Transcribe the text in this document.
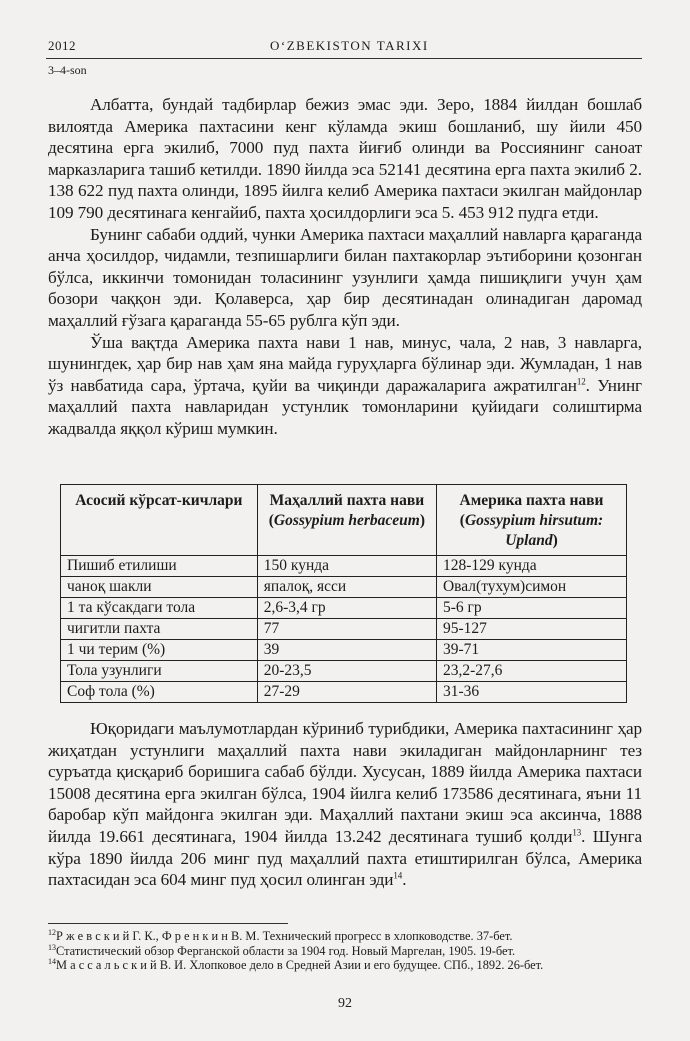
2012	O‘ZBEKISTON TARIXI
3–4-son

Албатта, бундай тадбирлар бежиз эмас эди. Зеро, 1884 йилдан бошлаб вилоятда Америка пахтасини кенг кўламда экиш бошланиб, шу йили 450 десятина ерга экилиб, 7000 пуд пахта йиғиб олинди ва Россиянинг саноат марказларига ташиб кетилди. 1890 йилда эса 52141 десятина ерга пахта экилиб 2. 138 622 пуд пахта олинди, 1895 йилга келиб Америка пахтаси экилган майдонлар 109 790 десятинага кенгайиб, пахта ҳосилдорлиги эса 5. 453 912 пудга етди.

Бунинг сабаби оддий, чунки Америка пахтаси маҳаллий навларга қараганда анча ҳосилдор, чидамли, тезпишарлиги билан пахтакорлар эътиборини қозонган бўлса, иккинчи томонидан толасининг узунлиги ҳамда пишиқлиги учун ҳам бозори чаққон эди. Қолаверса, ҳар бир десятинадан олинадиган даромад маҳаллий ғўзага қараганда 55-65 рублга кўп эди.

Ўша вақтда Америка пахта нави 1 нав, минус, чала, 2 нав, 3 навларга, шунингдек, ҳар бир нав ҳам яна майда гуруҳларга бўлинар эди. Жумладан, 1 нав ўз навбатида сара, ўртача, қуйи ва чиқинди даражаларига ажратилган$^{12}$. Унинг маҳаллий пахта навларидан устунлик томонларини қуйидаги солиштирма жадвалда яққол кўриш мумкин.

Асосий кўрсат-кичлари	Маҳаллий пахта нави (Gossypium herbaceum)	Америка пахта нави (Gossypium hirsutum: Upland)
Пишиб етилиши	150 кунда	128-129 кунда
чаноқ шакли	япалоқ, ясси	Овал(тухум)симон
1 та кўсакдаги тола	2,6-3,4 гр	5-6 гр
чигитли пахта	77	95-127
1 чи терим (%)	39	39-71
Тола узунлиги	20-23,5	23,2-27,6
Соф тола (%)	27-29	31-36

Юқоридаги маълумотлардан кўриниб турибдики, Америка пахтасининг ҳар жиҳатдан устунлиги маҳаллий пахта нави экиладиган майдонларнинг тез суръатда қисқариб боришига сабаб бўлди. Хусусан, 1889 йилда Америка пахтаси 15008 десятина ерга экилган бўлса, 1904 йилга келиб 173586 десятинага, яъни 11 баробар кўп майдонга экилган эди. Маҳаллий пахтани экиш эса аксинча, 1888 йилда 19.661 десятинага, 1904 йилда 13.242 десятинага тушиб қолди$^{13}$. Шунга кўра 1890 йилда 206 минг пуд маҳаллий пахта етиштирилган бўлса, Америка пахтасидан эса 604 минг пуд ҳосил олинган эди$^{14}$.

$^{12}$Р ж е в с к и й Г. К., Ф р е н к и н В. М. Технический прогресс в хлопководстве. 37-бет.
$^{13}$Статистический обзор Ферганской области за 1904 год. Новый Маргелан, 1905. 19-бет.
$^{14}$М а с с а л ь с к и й В. И. Хлопковое дело в Средней Азии и его будущее. СПб., 1892. 26-бет.
92
